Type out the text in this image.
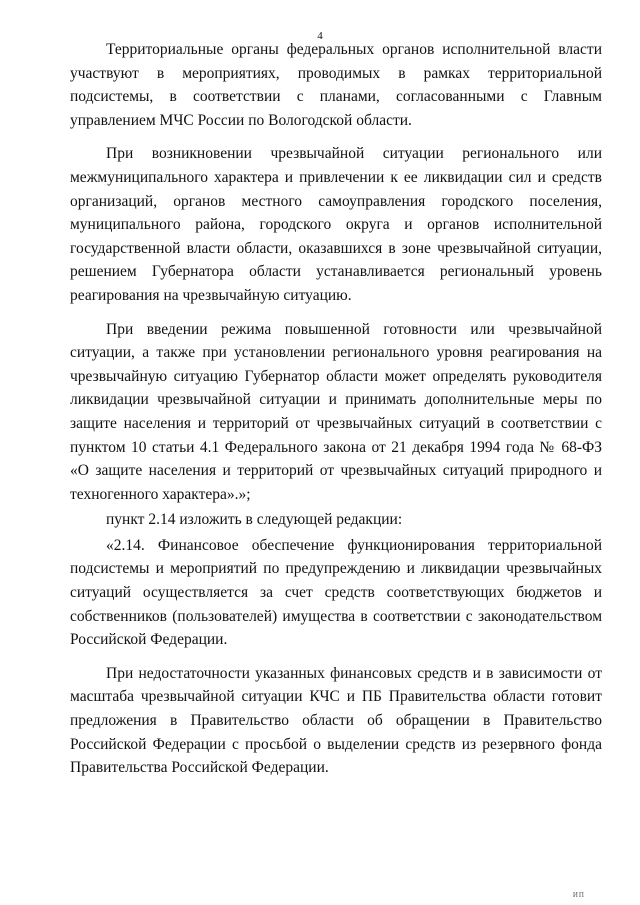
4

Территориальные органы федеральных органов исполнительной власти участвуют в мероприятиях, проводимых в рамках территориальной подсистемы, в соответствии с планами, согласованными с Главным управлением МЧС России по Вологодской области.

При возникновении чрезвычайной ситуации регионального или межмуниципального характера и привлечении к ее ликвидации сил и средств организаций, органов местного самоуправления городского поселения, муниципального района, городского округа и органов исполнительной государственной власти области, оказавшихся в зоне чрезвычайной ситуации, решением Губернатора области устанавливается региональный уровень реагирования на чрезвычайную ситуацию.

При введении режима повышенной готовности или чрезвычайной ситуации, а также при установлении регионального уровня реагирования на чрезвычайную ситуацию Губернатор области может определять руководителя ликвидации чрезвычайной ситуации и принимать дополнительные меры по защите населения и территорий от чрезвычайных ситуаций в соответствии с пунктом 10 статьи 4.1 Федерального закона от 21 декабря 1994 года № 68-ФЗ «О защите населения и территорий от чрезвычайных ситуаций природного и техногенного характера».»;

пункт 2.14 изложить в следующей редакции:

«2.14. Финансовое обеспечение функционирования территориальной подсистемы и мероприятий по предупреждению и ликвидации чрезвычайных ситуаций осуществляется за счет средств соответствующих бюджетов и собственников (пользователей) имущества в соответствии с законодательством Российской Федерации.

При недостаточности указанных финансовых средств и в зависимости от масштаба чрезвычайной ситуации КЧС и ПБ Правительства области готовит предложения в Правительство области об обращении в Правительство Российской Федерации с просьбой о выделении средств из резервного фонда Правительства Российской Федерации.

ИП
